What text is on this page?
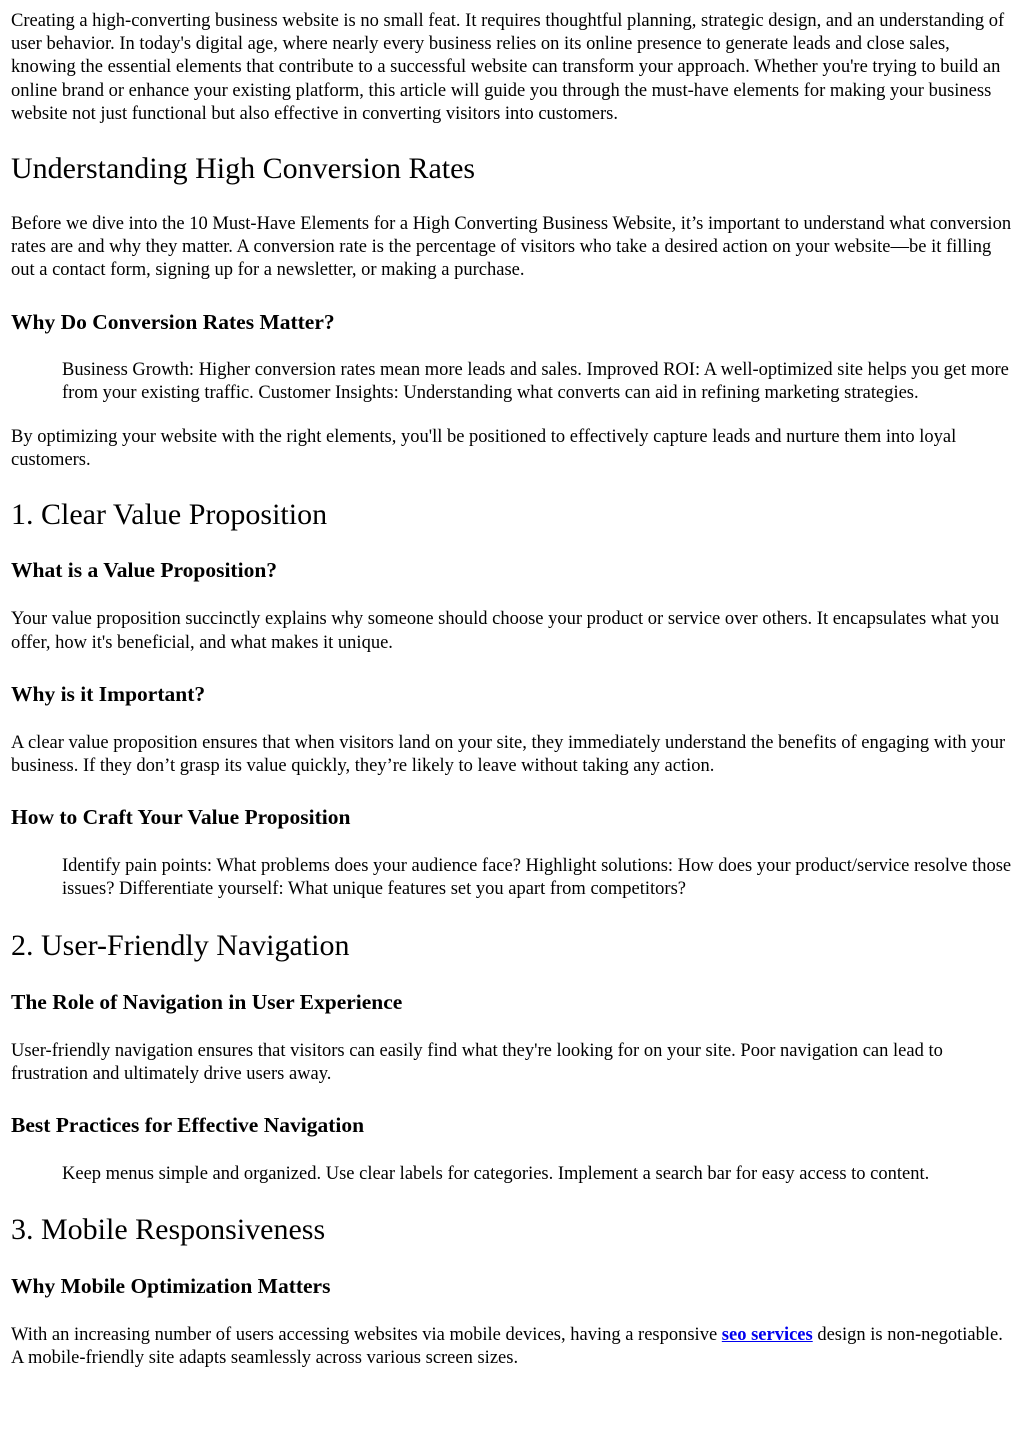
Creating a high-converting business website is no small feat. It requires thoughtful planning, strategic design, and an understanding of user behavior. In today's digital age, where nearly every business relies on its online presence to generate leads and close sales, knowing the essential elements that contribute to a successful website can transform your approach. Whether you're trying to build an online brand or enhance your existing platform, this article will guide you through the must-have elements for making your business website not just functional but also effective in converting visitors into customers.

Understanding High Conversion Rates

Before we dive into the 10 Must-Have Elements for a High Converting Business Website, it’s important to understand what conversion rates are and why they matter. A conversion rate is the percentage of visitors who take a desired action on your website—be it filling out a contact form, signing up for a newsletter, or making a purchase.

Why Do Conversion Rates Matter?

Business Growth: Higher conversion rates mean more leads and sales. Improved ROI: A well-optimized site helps you get more from your existing traffic. Customer Insights: Understanding what converts can aid in refining marketing strategies.

By optimizing your website with the right elements, you'll be positioned to effectively capture leads and nurture them into loyal customers.

1. Clear Value Proposition
What is a Value Proposition?

Your value proposition succinctly explains why someone should choose your product or service over others. It encapsulates what you offer, how it's beneficial, and what makes it unique.

Why is it Important?

A clear value proposition ensures that when visitors land on your site, they immediately understand the benefits of engaging with your business. If they don’t grasp its value quickly, they’re likely to leave without taking any action.

How to Craft Your Value Proposition

Identify pain points: What problems does your audience face? Highlight solutions: How does your product/service resolve those issues? Differentiate yourself: What unique features set you apart from competitors?

2. User-Friendly Navigation
The Role of Navigation in User Experience

User-friendly navigation ensures that visitors can easily find what they're looking for on your site. Poor navigation can lead to frustration and ultimately drive users away.

Best Practices for Effective Navigation

Keep menus simple and organized. Use clear labels for categories. Implement a search bar for easy access to content.

3. Mobile Responsiveness
Why Mobile Optimization Matters

With an increasing number of users accessing websites via mobile devices, having a responsive seo services design is non-negotiable. A mobile-friendly site adapts seamlessly across various screen sizes.
